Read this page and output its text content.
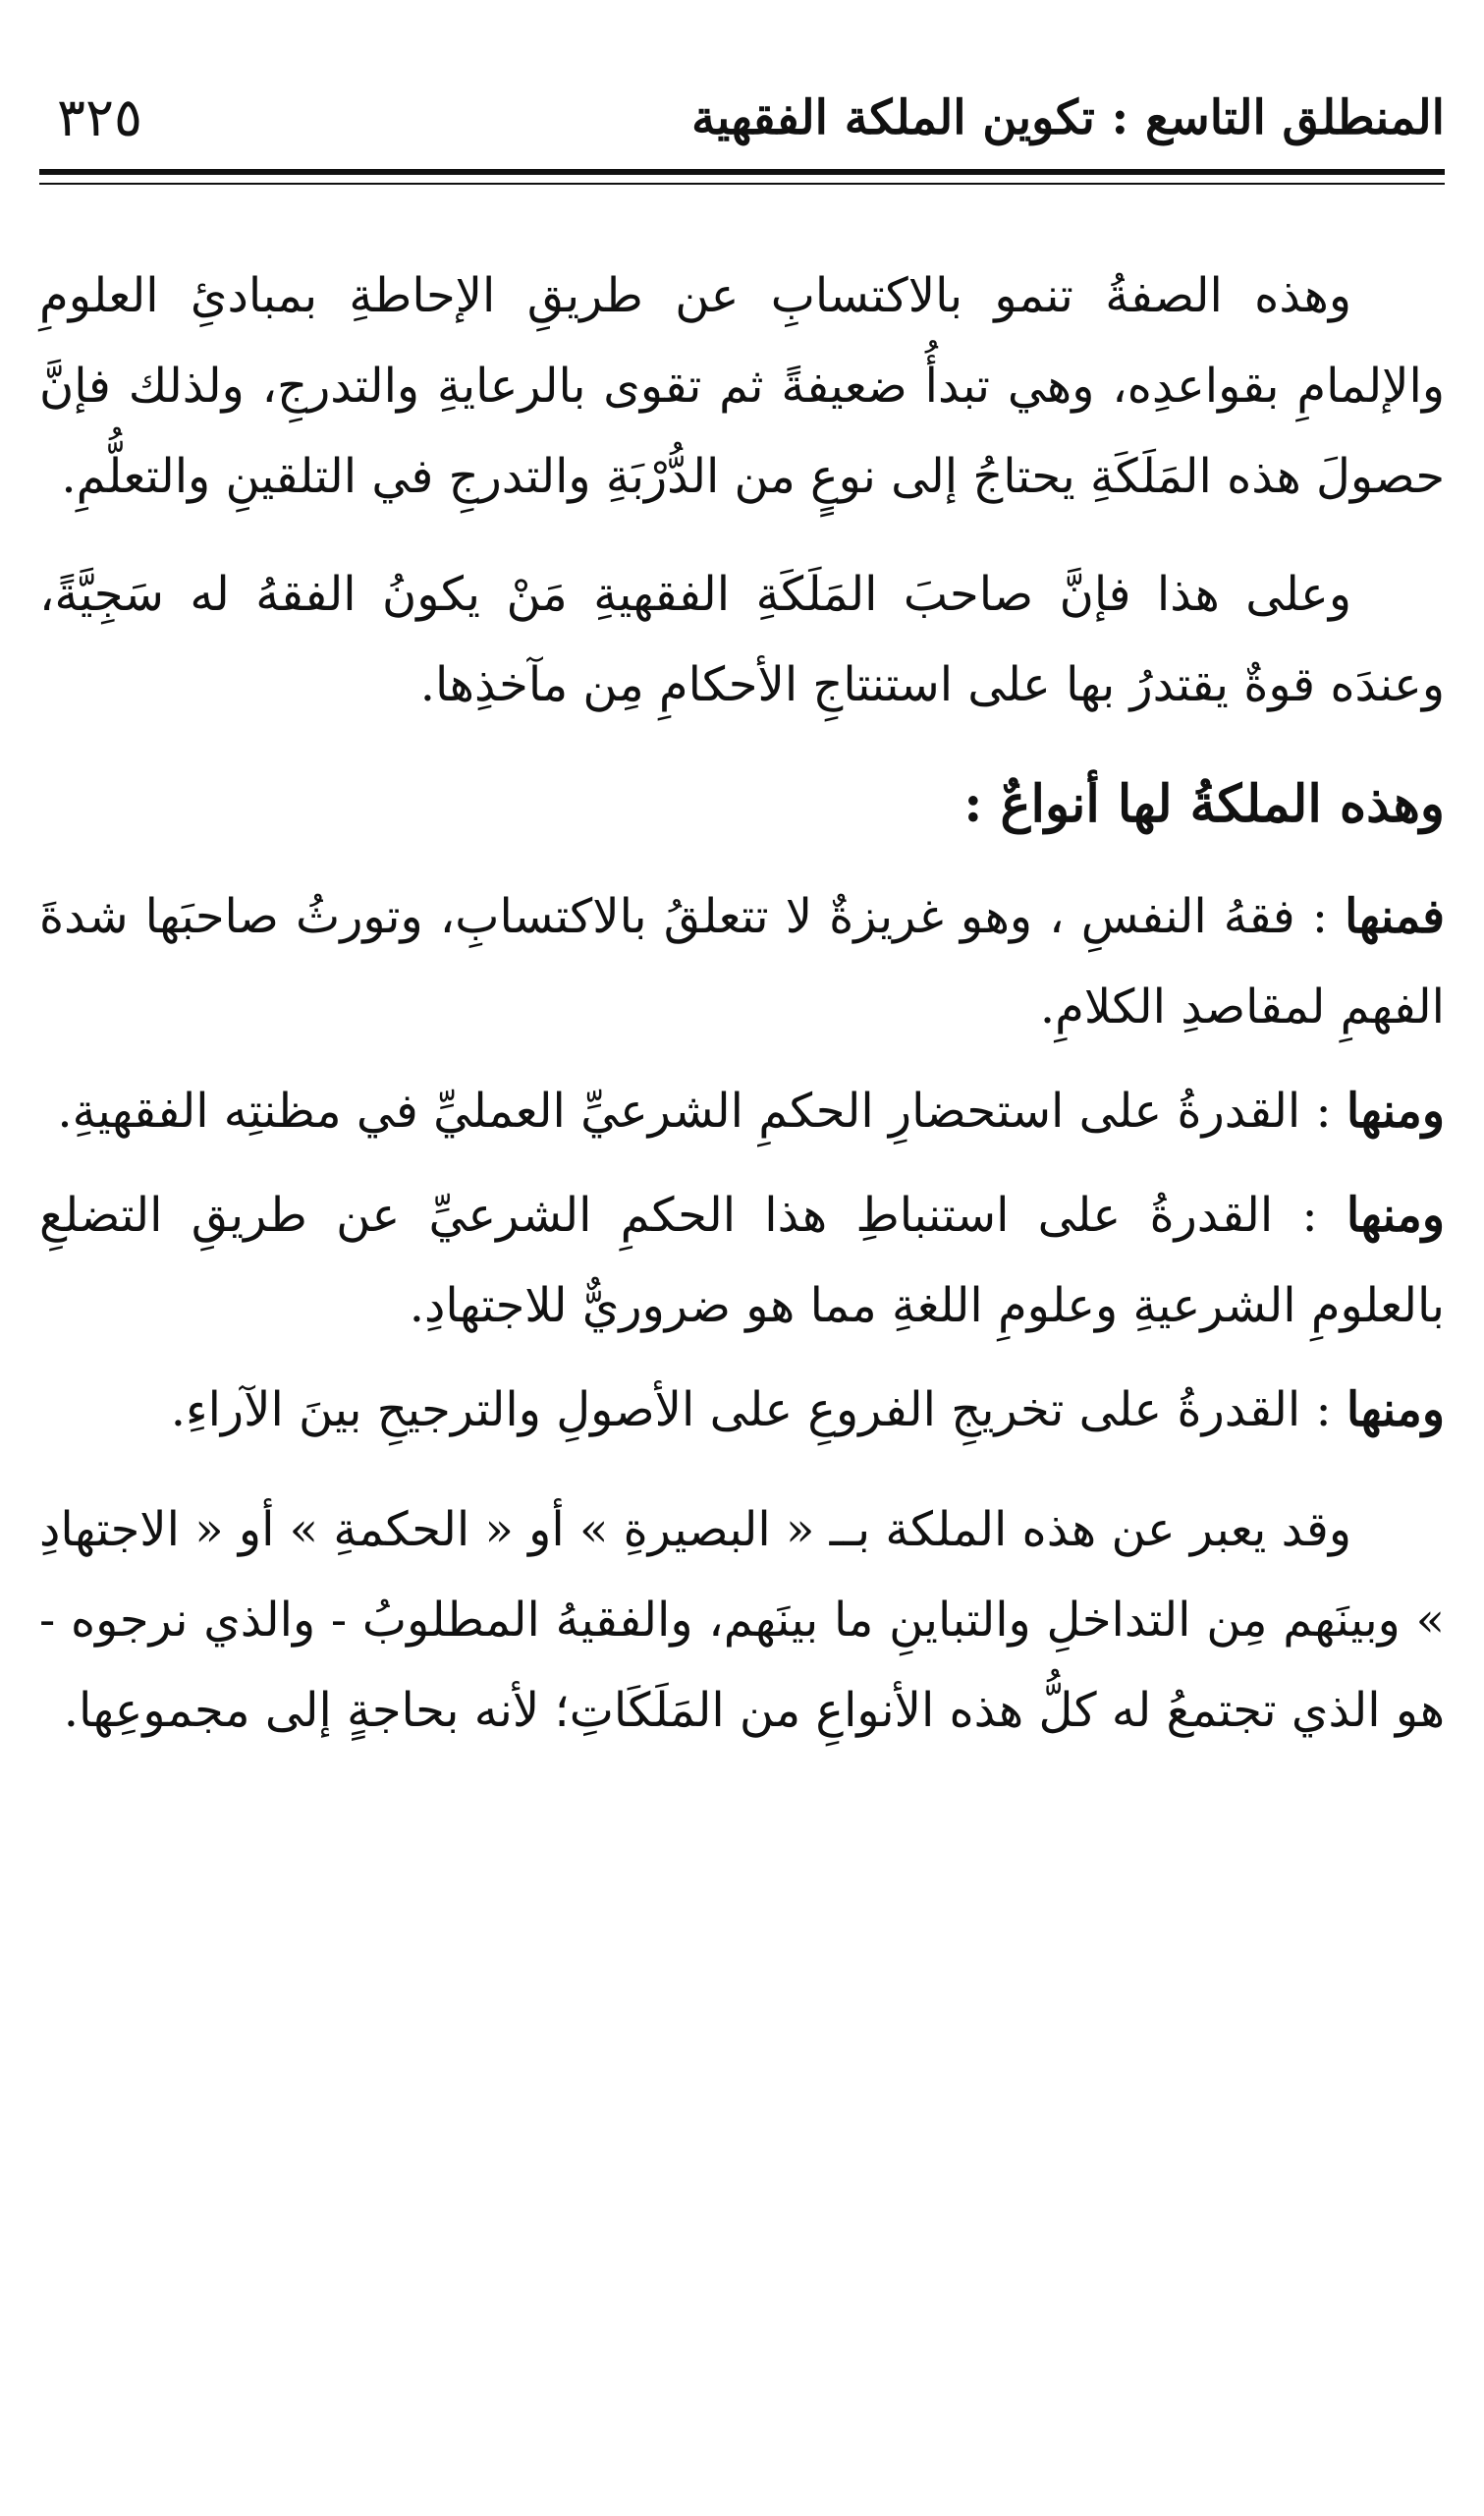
المنطلق التاسع : تكوين الملكة الفقهية
٣٢٥

وهذه الصفةُ تنمو بالاكتسابِ عن طريقِ الإحاطةِ بمبادئِ العلومِ والإلمامِ بقواعدِه، وهي تبدأُ ضعيفةً ثم تقوى بالرعايةِ والتدرجِ، ولذلك فإنَّ حصولَ هذه المَلَكَةِ يحتاجُ إلى نوعٍ من الدُّرْبَةِ والتدرجِ في التلقينِ والتعلُّمِ.

وعلى هذا فإنَّ صاحبَ المَلَكَةِ الفقهيةِ مَنْ يكونُ الفقهُ له سَجِيَّةً، وعندَه قوةٌ يقتدرُ بها على استنتاجِ الأحكامِ مِن مآخذِها.

وهذه الملكةُ لها أنواعٌ :

فمنها : فقهُ النفسِ ، وهو غريزةٌ لا تتعلقُ بالاكتسابِ، وتورثُ صاحبَها شدةَ الفهمِ لمقاصدِ الكلامِ.

ومنها : القدرةُ على استحضارِ الحكمِ الشرعيِّ العمليِّ في مظنتِه الفقهيةِ.

ومنها : القدرةُ على استنباطِ هذا الحكمِ الشرعيِّ عن طريقِ التضلعِ بالعلومِ الشرعيةِ وعلومِ اللغةِ مما هو ضروريٌّ للاجتهادِ.

ومنها : القدرةُ على تخريجِ الفروعِ على الأصولِ والترجيحِ بينَ الآراءِ.

وقد يعبر عن هذه الملكة بــ « البصيرةِ » أو « الحكمةِ » أو « الاجتهادِ » وبينَهم مِن التداخلِ والتباينِ ما بينَهم، والفقيهُ المطلوبُ - والذي نرجوه - هو الذي تجتمعُ له كلُّ هذه الأنواعِ من المَلَكَاتِ؛ لأنه بحاجةٍ إلى مجموعِها.
